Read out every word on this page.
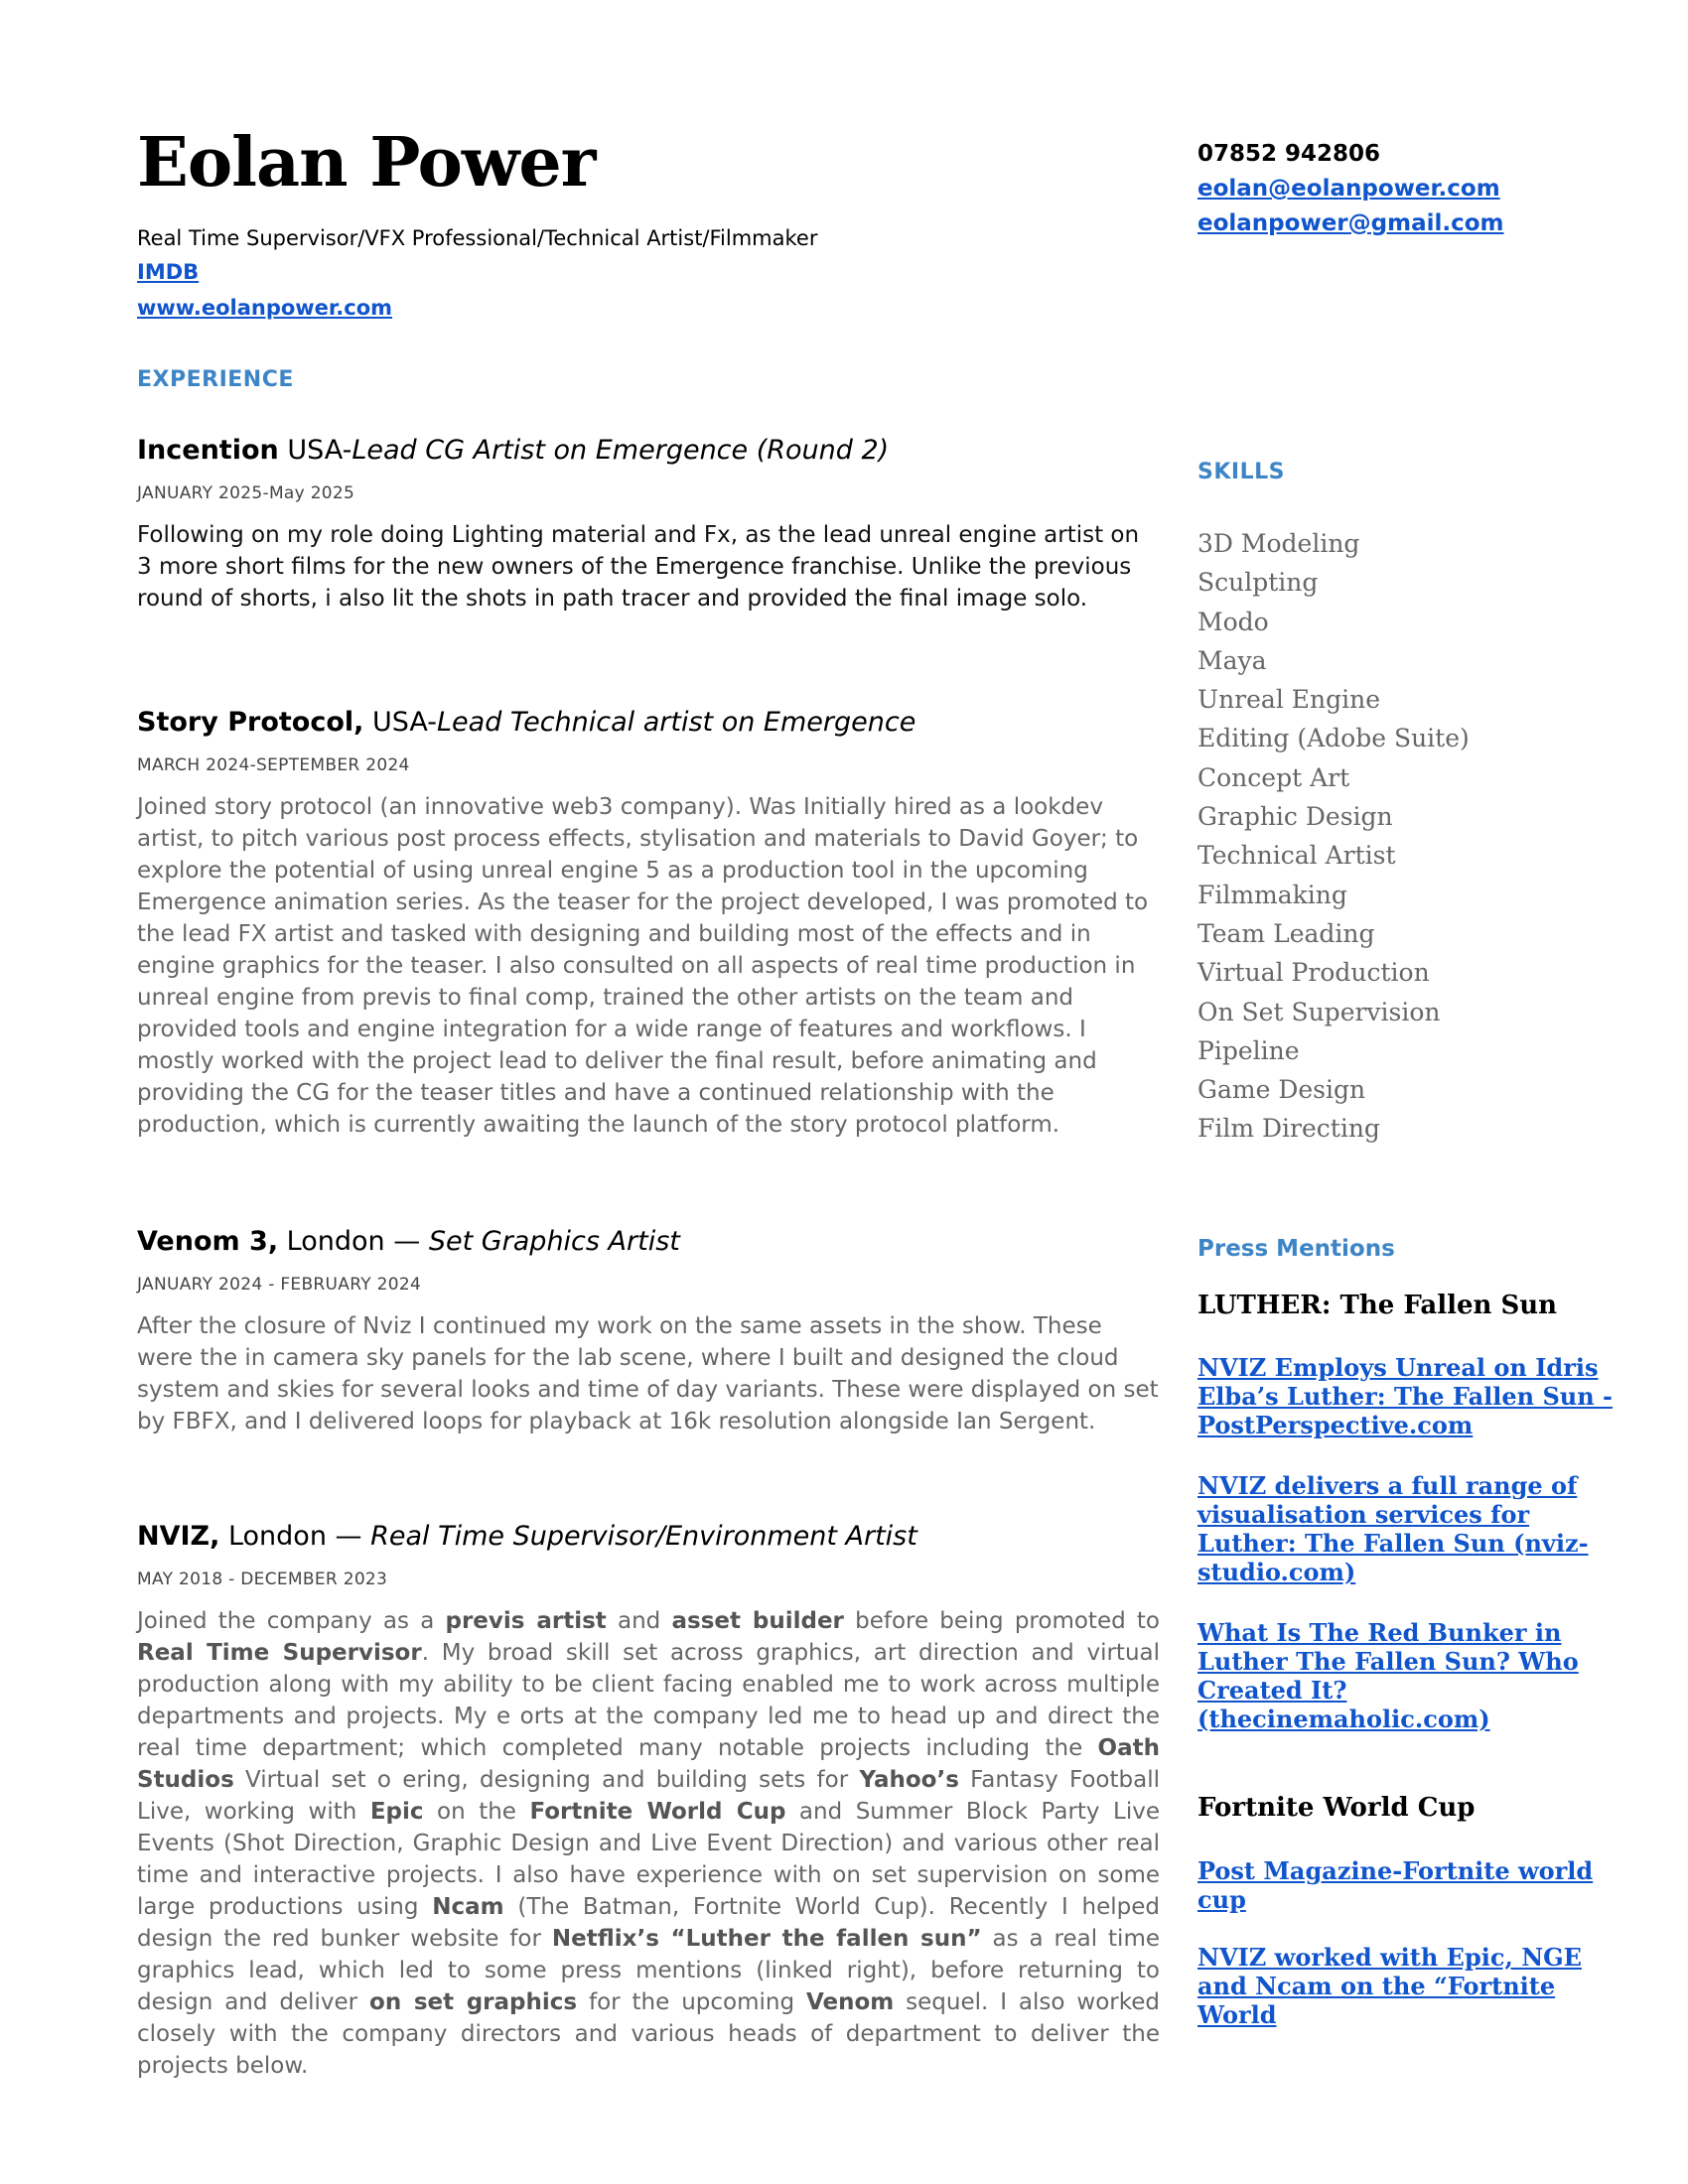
Eolan Power
Real Time Supervisor/VFX Professional/Technical Artist/Filmmaker
IMDB
www.eolanpower.com
07852 942806
eolan@eolanpower.com
eolanpower@gmail.com
EXPERIENCE
Incention USA-Lead CG Artist on Emergence (Round 2)
JANUARY 2025-May 2025
Following on my role doing Lighting material and Fx, as the lead unreal engine artist on 3 more short films for the new owners of the Emergence franchise. Unlike the previous round of shorts, i also lit the shots in path tracer and provided the final image solo.
Story Protocol, USA-Lead Technical artist on Emergence
MARCH 2024-SEPTEMBER 2024
Joined story protocol (an innovative web3 company). Was Initially hired as a lookdev artist, to pitch various post process effects, stylisation and materials to David Goyer; to explore the potential of using unreal engine 5 as a production tool in the upcoming Emergence animation series. As the teaser for the project developed, I was promoted to the lead FX artist and tasked with designing and building most of the effects and in engine graphics for the teaser. I also consulted on all aspects of real time production in unreal engine from previs to final comp, trained the other artists on the team and provided tools and engine integration for a wide range of features and workflows. I mostly worked with the project lead to deliver the final result, before animating and providing the CG for the teaser titles and have a continued relationship with the production, which is currently awaiting the launch of the story protocol platform.
Venom 3, London — Set Graphics Artist
JANUARY 2024 - FEBRUARY 2024
After the closure of Nviz I continued my work on the same assets in the show. These were the in camera sky panels for the lab scene, where I built and designed the cloud system and skies for several looks and time of day variants. These were displayed on set by FBFX, and I delivered loops for playback at 16k resolution alongside Ian Sergent.
NVIZ, London — Real Time Supervisor/Environment Artist
MAY 2018 - DECEMBER 2023
Joined the company as a previs artist and asset builder before being promoted to Real Time Supervisor. My broad skill set across graphics, art direction and virtual production along with my ability to be client facing enabled me to work across multiple departments and projects. My e orts at the company led me to head up and direct the real time department; which completed many notable projects including the Oath Studios Virtual set o ering, designing and building sets for Yahoo’s Fantasy Football Live, working with Epic on the Fortnite World Cup and Summer Block Party Live Events (Shot Direction, Graphic Design and Live Event Direction) and various other real time and interactive projects. I also have experience with on set supervision on some large productions using Ncam (The Batman, Fortnite World Cup). Recently I helped design the red bunker website for Netflix’s “Luther the fallen sun” as a real time graphics lead, which led to some press mentions (linked right), before returning to design and deliver on set graphics for the upcoming Venom sequel. I also worked closely with the company directors and various heads of department to deliver the projects below.
SKILLS
3D Modeling
Sculpting
Modo
Maya
Unreal Engine
Editing (Adobe Suite)
Concept Art
Graphic Design
Technical Artist
Filmmaking
Team Leading
Virtual Production
On Set Supervision
Pipeline
Game Design
Film Directing
Press Mentions
LUTHER: The Fallen Sun
NVIZ Employs Unreal on Idris Elba’s Luther: The Fallen Sun - PostPerspective.com
NVIZ delivers a full range of visualisation services for Luther: The Fallen Sun (nviz-studio.com)
What Is The Red Bunker in Luther The Fallen Sun? Who Created It? (thecinemaholic.com)
Fortnite World Cup
Post Magazine-Fortnite world cup
NVIZ worked with Epic, NGE and Ncam on the “Fortnite World
